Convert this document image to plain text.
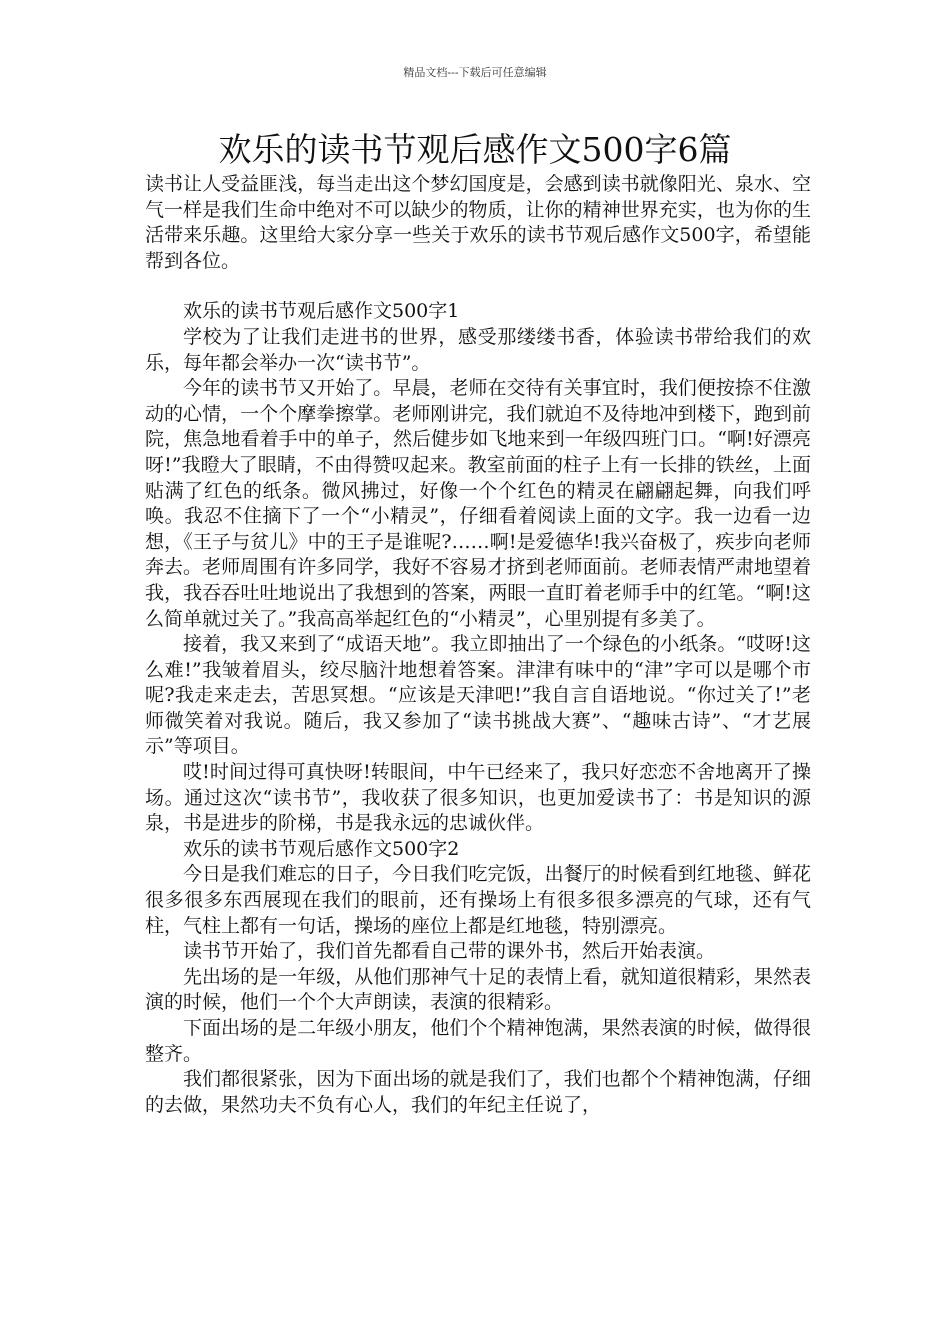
精品文档---下载后可任意编辑
欢乐的读书节观后感作文500字6篇

读书让人受益匪浅，每当走出这个梦幻国度是，会感到读书就像阳光、泉水、空气一样是我们生命中绝对不可以缺少的物质，让你的精神世界充实，也为你的生活带来乐趣。这里给大家分享一些关于欢乐的读书节观后感作文500字，希望能帮到各位。

欢乐的读书节观后感作文500字1

学校为了让我们走进书的世界，感受那缕缕书香，体验读书带给我们的欢乐，每年都会举办一次“读书节”。

今年的读书节又开始了。早晨，老师在交待有关事宜时，我们便按捺不住激动的心情，一个个摩拳擦掌。老师刚讲完，我们就迫不及待地冲到楼下，跑到前院，焦急地看着手中的单子，然后健步如飞地来到一年级四班门口。“啊!好漂亮呀!”我瞪大了眼睛，不由得赞叹起来。教室前面的柱子上有一长排的铁丝，上面贴满了红色的纸条。微风拂过，好像一个个红色的精灵在翩翩起舞，向我们呼唤。我忍不住摘下了一个“小精灵”，仔细看着阅读上面的文字。我一边看一边想，《王子与贫儿》中的王子是谁呢?……啊!是爱德华!我兴奋极了，疾步向老师奔去。老师周围有许多同学，我好不容易才挤到老师面前。老师表情严肃地望着我，我吞吞吐吐地说出了我想到的答案，两眼一直盯着老师手中的红笔。“啊!这么简单就过关了。”我高高举起红色的“小精灵”，心里别提有多美了。

接着，我又来到了“成语天地”。我立即抽出了一个绿色的小纸条。“哎呀!这么难!”我皱着眉头，绞尽脑汁地想着答案。津津有味中的“津”字可以是哪个市呢?我走来走去，苦思冥想。“应该是天津吧!”我自言自语地说。“你过关了!”老师微笑着对我说。随后，我又参加了“读书挑战大赛”、“趣味古诗”、“才艺展示”等项目。

哎!时间过得可真快呀!转眼间，中午已经来了，我只好恋恋不舍地离开了操场。通过这次“读书节”，我收获了很多知识，也更加爱读书了：书是知识的源泉，书是进步的阶梯，书是我永远的忠诚伙伴。

欢乐的读书节观后感作文500字2

今日是我们难忘的日子，今日我们吃完饭，出餐厅的时候看到红地毯、鲜花很多很多东西展现在我们的眼前，还有操场上有很多很多漂亮的气球，还有气柱，气柱上都有一句话，操场的座位上都是红地毯，特别漂亮。

读书节开始了，我们首先都看自己带的课外书，然后开始表演。

先出场的是一年级，从他们那神气十足的表情上看，就知道很精彩，果然表演的时候，他们一个个大声朗读，表演的很精彩。

下面出场的是二年级小朋友，他们个个精神饱满，果然表演的时候，做得很整齐。

我们都很紧张，因为下面出场的就是我们了，我们也都个个精神饱满，仔细的去做，果然功夫不负有心人，我们的年纪主任说了，
